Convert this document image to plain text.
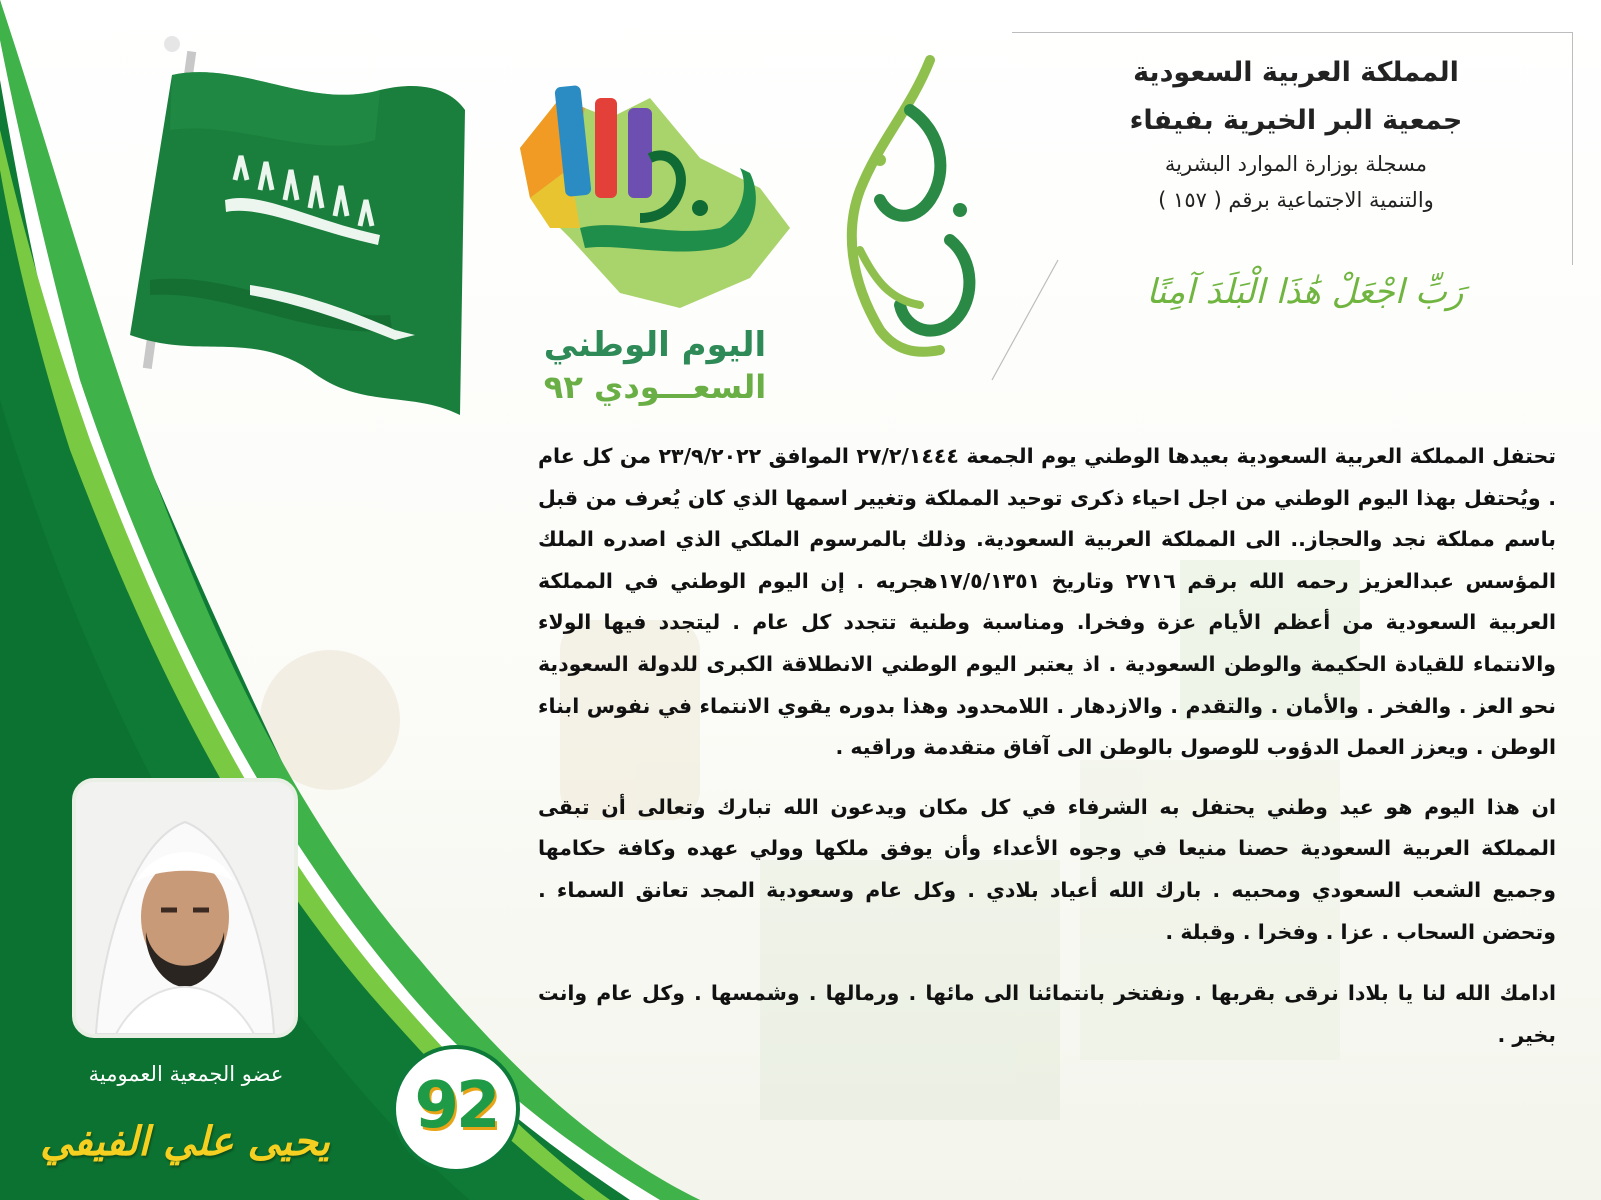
اليوم الوطني
السعـــودي ٩٢
المملكة العربية السعودية
جمعية البر الخيرية بفيفاء
مسجلة بوزارة الموارد البشرية
والتنمية الاجتماعية برقم ( ١٥٧ )
رَبِّ اجْعَلْ هَٰذَا الْبَلَدَ آمِنًا

تحتفل المملكة العربية السعودية بعيدها الوطني يوم الجمعة ٢٧/٢/١٤٤٤ الموافق ٢٣/٩/٢٠٢٢ من كل عام . ويُحتفل بهذا اليوم الوطني من اجل احياء ذكرى توحيد المملكة وتغيير اسمها الذي كان يُعرف من قبل باسم مملكة نجد والحجاز.. الى المملكة العربية السعودية. وذلك بالمرسوم الملكي الذي اصدره الملك المؤسس عبدالعزيز رحمه الله برقم ٢٧١٦ وتاريخ ١٧/٥/١٣٥١هجريه . إن اليوم الوطني في المملكة العربية السعودية من أعظم الأيام عزة وفخرا. ومناسبة وطنية تتجدد كل عام . ليتجدد فيها الولاء والانتماء للقيادة الحكيمة والوطن السعودية . اذ يعتبر اليوم الوطني الانطلاقة الكبرى للدولة السعودية نحو العز . والفخر . والأمان . والتقدم . والازدهار . اللامحدود وهذا بدوره يقوي الانتماء في نفوس ابناء الوطن . ويعزز العمل الدؤوب للوصول بالوطن الى آفاق متقدمة وراقيه .

ان هذا اليوم هو عيد وطني يحتفل به الشرفاء في كل مكان ويدعون الله تبارك وتعالى أن تبقى المملكة العربية السعودية حصنا منيعا في وجوه الأعداء وأن يوفق ملكها وولي عهده وكافة حكامها وجميع الشعب السعودي ومحبيه . بارك الله أعياد بلادي . وكل عام وسعودية المجد تعانق السماء . وتحضن السحاب . عزا . وفخرا . وقبلة .

ادامك الله لنا يا بلادا نرقى بقربها . ونفتخر بانتمائنا الى مائها . ورمالها . وشمسها . وكل عام وانت بخير .

عضو الجمعية العمومية
يحيى علي الفيفي 92
